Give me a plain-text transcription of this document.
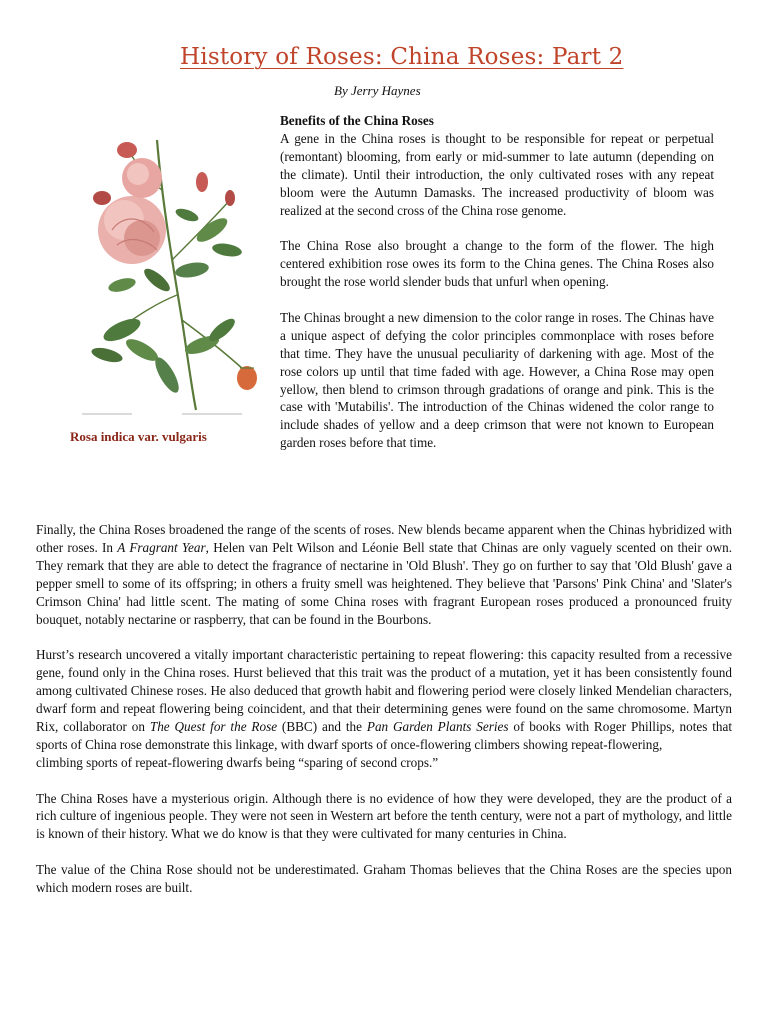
History of Roses: China Roses: Part 2

By Jerry Haynes

Rosa indica var. vulgaris

Benefits of the China Roses

A gene in the China roses is thought to be responsible for repeat or perpetual (remontant) blooming, from early or mid-summer to late autumn (depending on the climate). Until their introduction, the only cultivated roses with any repeat bloom were the Autumn Damasks. The increased productivity of bloom was realized at the second cross of the China rose genome.

The China Rose also brought a change to the form of the flower. The high centered exhibition rose owes its form to the China genes. The China Roses also brought the rose world slender buds that unfurl when opening.

The Chinas brought a new dimension to the color range in roses. The Chinas have a unique aspect of defying the color principles commonplace with roses before that time. They have the unusual peculiarity of darkening with age. Most of the rose colors up until that time faded with age. However, a China Rose may open yellow, then blend to crimson through gradations of orange and pink. This is the case with 'Mutabilis'. The introduction of the Chinas widened the color range to include shades of yellow and a deep crimson that were not known to European garden roses before that time.

Finally, the China Roses broadened the range of the scents of roses. New blends became apparent when the Chinas hybridized with other roses. In A Fragrant Year, Helen van Pelt Wilson and Léonie Bell state that Chinas are only vaguely scented on their own. They remark that they are able to detect the fragrance of nectarine in 'Old Blush'. They go on further to say that 'Old Blush' gave a pepper smell to some of its offspring; in others a fruity smell was heightened. They believe that 'Parsons' Pink China' and 'Slater's Crimson China' had little scent. The mating of some China roses with fragrant European roses produced a pronounced fruity bouquet, notably nectarine or raspberry, that can be found in the Bourbons.

Hurst’s research uncovered a vitally important characteristic pertaining to repeat flowering: this capacity resulted from a recessive gene, found only in the China roses. Hurst believed that this trait was the product of a mutation, yet it has been consistently found among cultivated Chinese roses. He also deduced that growth habit and flowering period were closely linked Mendelian characters, dwarf form and repeat flowering being coincident, and that their determining genes were found on the same chromosome. Martyn Rix, collaborator on The Quest for the Rose (BBC) and the Pan Garden Plants Series of books with Roger Phillips, notes that sports of China rose demonstrate this linkage, with dwarf sports of once-flowering climbers showing repeat-flowering,
climbing sports of repeat-flowering dwarfs being “sparing of second crops.”

The China Roses have a mysterious origin. Although there is no evidence of how they were developed, they are the product of a rich culture of ingenious people. They were not seen in Western art before the tenth century, were not a part of mythology, and little is known of their history. What we do know is that they were cultivated for many centuries in China.

The value of the China Rose should not be underestimated. Graham Thomas believes that the China Roses are the species upon which modern roses are built.
